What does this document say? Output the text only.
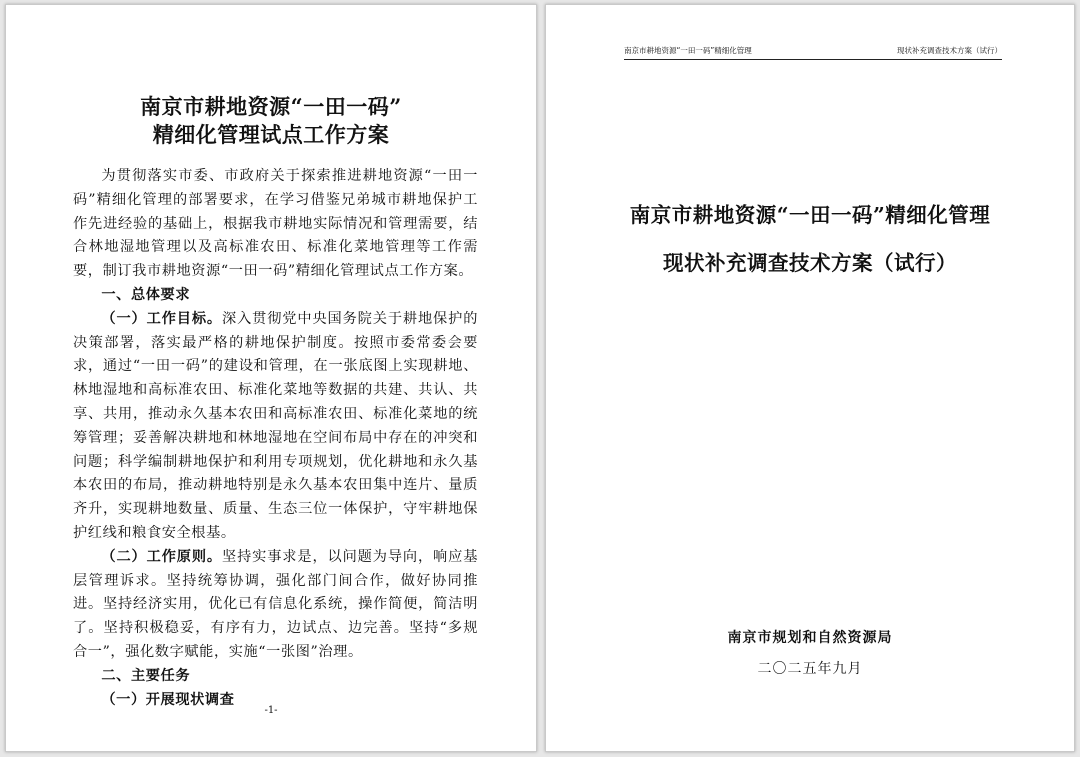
南京市耕地资源“一田一码”
精细化管理试点工作方案

为贯彻落实市委、市政府关于探索推进耕地资源“一田一码”精细化管理的部署要求，在学习借鉴兄弟城市耕地保护工作先进经验的基础上，根据我市耕地实际情况和管理需要，结合林地湿地管理以及高标准农田、标准化菜地管理等工作需要，制订我市耕地资源“一田一码”精细化管理试点工作方案。

一、总体要求

（一）工作目标。深入贯彻党中央国务院关于耕地保护的决策部署，落实最严格的耕地保护制度。按照市委常委会要求，通过“一田一码”的建设和管理，在一张底图上实现耕地、林地湿地和高标准农田、标准化菜地等数据的共建、共认、共享、共用，推动永久基本农田和高标准农田、标准化菜地的统筹管理；妥善解决耕地和林地湿地在空间布局中存在的冲突和问题；科学编制耕地保护和利用专项规划，优化耕地和永久基本农田的布局，推动耕地特别是永久基本农田集中连片、量质齐升，实现耕地数量、质量、生态三位一体保护，守牢耕地保护红线和粮食安全根基。

（二）工作原则。坚持实事求是，以问题为导向，响应基层管理诉求。坚持统筹协调，强化部门间合作，做好协同推进。坚持经济实用，优化已有信息化系统，操作简便，简洁明了。坚持积极稳妥，有序有力，边试点、边完善。坚持“多规合一”，强化数字赋能，实施“一张图”治理。

二、主要任务

（一）开展现状调查

-1-
南京市耕地资源“一田一码”精细化管理	现状补充调查技术方案（试行）
南京市耕地资源“一田一码”精细化管理
现状补充调查技术方案（试行）
南京市规划和自然资源局
二〇二五年九月
